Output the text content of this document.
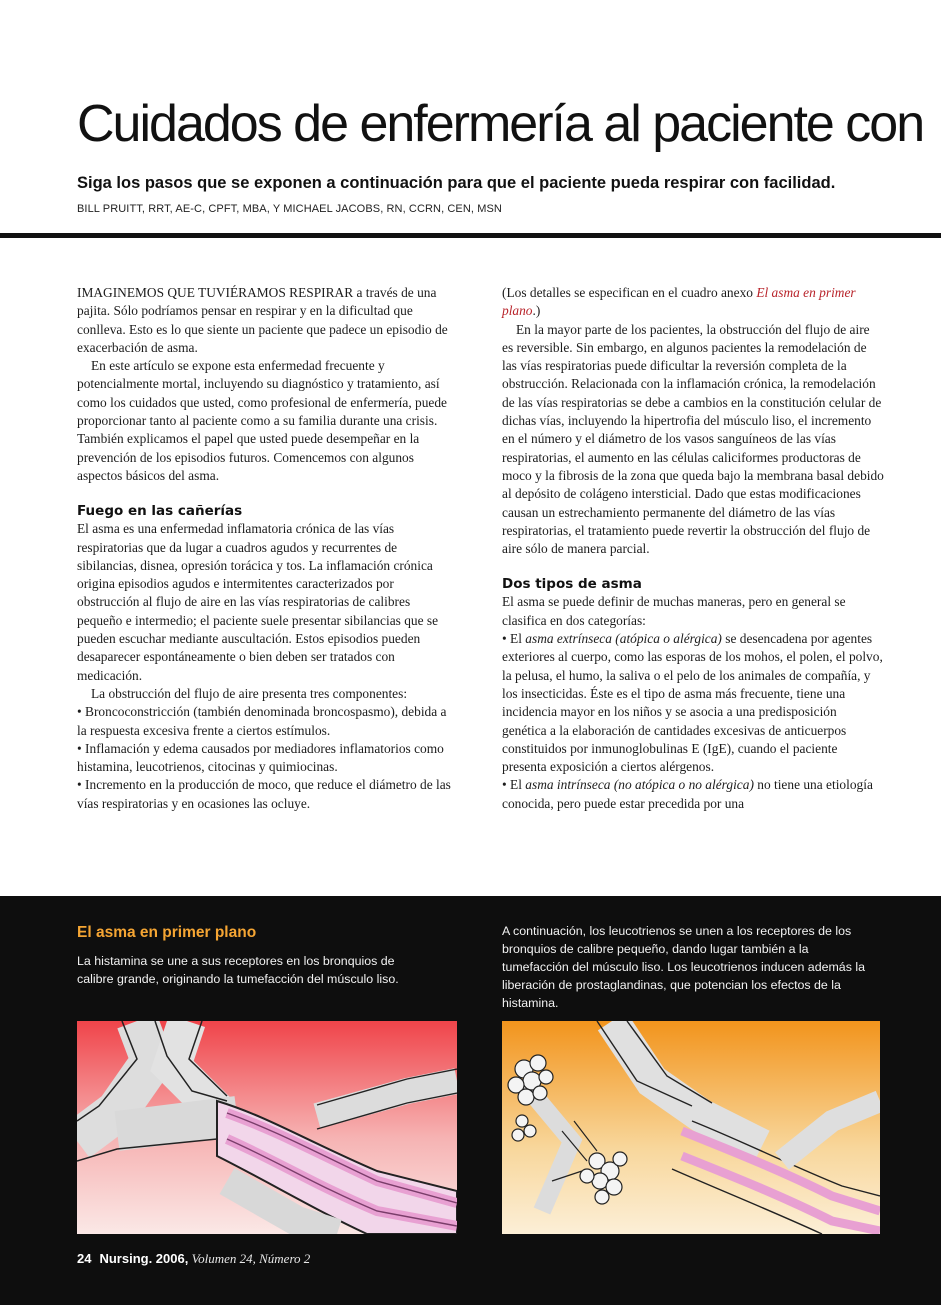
Cuidados de enfermería al paciente con

Siga los pasos que se exponen a continuación para que el paciente pueda respirar con facilidad.

BILL PRUITT, RRT, AE-C, CPFT, MBA, Y MICHAEL JACOBS, RN, CCRN, CEN, MSN

IMAGINEMOS QUE TUVIÉRAMOS RESPIRAR a través de una pajita. Sólo podríamos pensar en respirar y en la dificultad que conlleva. Esto es lo que siente un paciente que padece un episodio de exacerbación de asma.

En este artículo se expone esta enfermedad frecuente y potencialmente mortal, incluyendo su diagnóstico y tratamiento, así como los cuidados que usted, como profesional de enfermería, puede proporcionar tanto al paciente como a su familia durante una crisis. También explicamos el papel que usted puede desempeñar en la prevención de los episodios futuros. Comencemos con algunos aspectos básicos del asma.

Fuego en las cañerías

El asma es una enfermedad inflamatoria crónica de las vías respiratorias que da lugar a cuadros agudos y recurrentes de sibilancias, disnea, opresión torácica y tos. La inflamación crónica origina episodios agudos e intermitentes caracterizados por obstrucción al flujo de aire en las vías respiratorias de calibres pequeño e intermedio; el paciente suele presentar sibilancias que se pueden escuchar mediante auscultación. Estos episodios pueden desaparecer espontáneamente o bien deben ser tratados con medicación.

La obstrucción del flujo de aire presenta tres componentes:

• Broncoconstricción (también denominada broncospasmo), debida a la respuesta excesiva frente a ciertos estímulos.

• Inflamación y edema causados por mediadores inflamatorios como histamina, leucotrienos, citocinas y quimiocinas.

• Incremento en la producción de moco, que reduce el diámetro de las vías respiratorias y en ocasiones las ocluye.

(Los detalles se especifican en el cuadro anexo El asma en primer plano.)

En la mayor parte de los pacientes, la obstrucción del flujo de aire es reversible. Sin embargo, en algunos pacientes la remodelación de las vías respiratorias puede dificultar la reversión completa de la obstrucción. Relacionada con la inflamación crónica, la remodelación de las vías respiratorias se debe a cambios en la constitución celular de dichas vías, incluyendo la hipertrofia del músculo liso, el incremento en el número y el diámetro de los vasos sanguíneos de las vías respiratorias, el aumento en las células caliciformes productoras de moco y la fibrosis de la zona que queda bajo la membrana basal debido al depósito de colágeno intersticial. Dado que estas modificaciones causan un estrechamiento permanente del diámetro de las vías respiratorias, el tratamiento puede revertir la obstrucción del flujo de aire sólo de manera parcial.

Dos tipos de asma

El asma se puede definir de muchas maneras, pero en general se clasifica en dos categorías:

• El asma extrínseca (atópica o alérgica) se desencadena por agentes exteriores al cuerpo, como las esporas de los mohos, el polen, el polvo, la pelusa, el humo, la saliva o el pelo de los animales de compañía, y los insecticidas. Éste es el tipo de asma más frecuente, tiene una incidencia mayor en los niños y se asocia a una predisposición genética a la elaboración de cantidades excesivas de anticuerpos constituidos por inmunoglobulinas E (IgE), cuando el paciente presenta exposición a ciertos alérgenos.

• El asma intrínseca (no atópica o no alérgica) no tiene una etiología conocida, pero puede estar precedida por una

El asma en primer plano

La histamina se une a sus receptores en los bronquios de calibre grande, originando la tumefacción del músculo liso.

A continuación, los leucotrienos se unen a los receptores de los bronquios de calibre pequeño, dando lugar también a la tumefacción del músculo liso. Los leucotrienos inducen además la liberación de prostaglandinas, que potencian los efectos de la histamina.

24 Nursing. 2006, Volumen 24, Número 2
